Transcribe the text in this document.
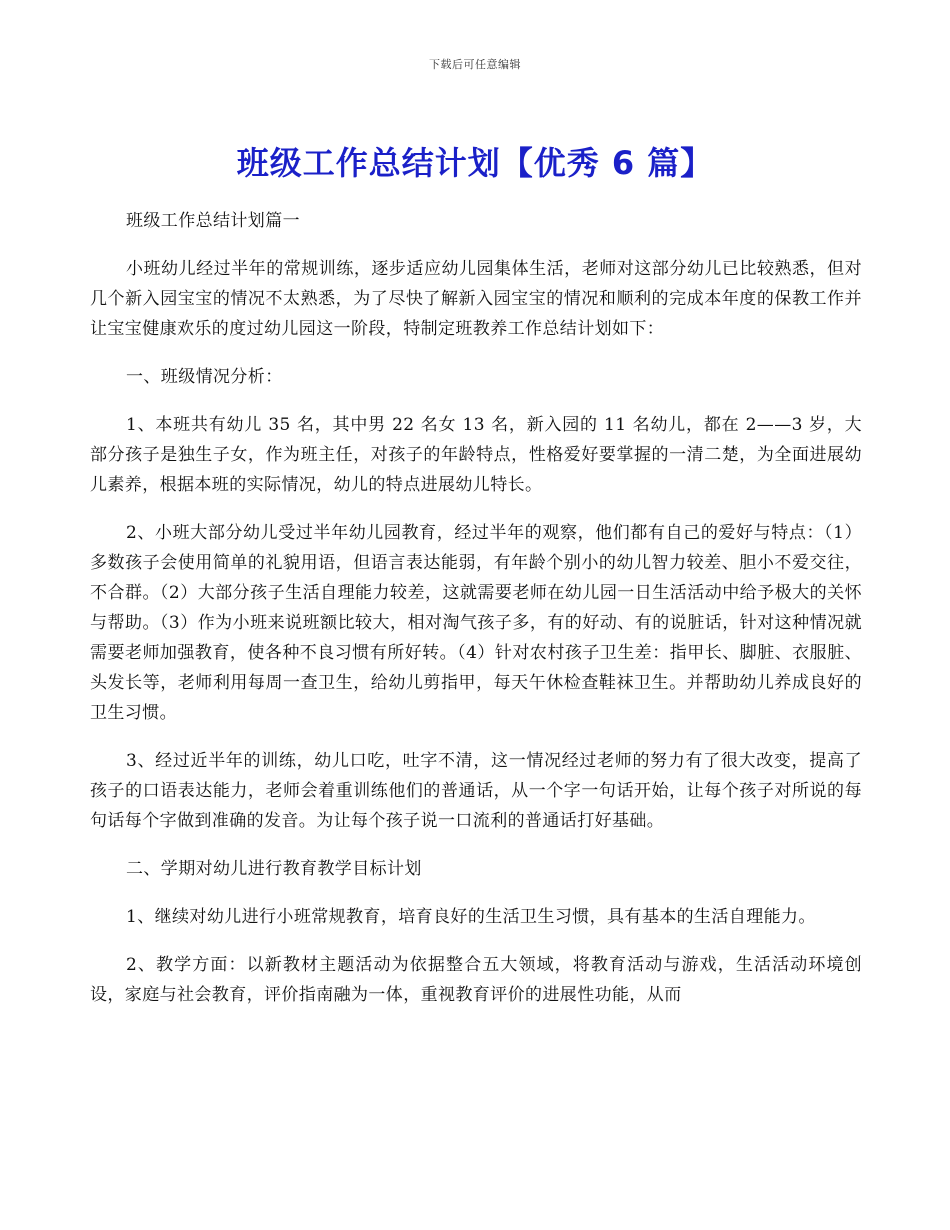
下载后可任意编辑
班级工作总结计划【优秀 6 篇】

班级工作总结计划篇一

小班幼儿经过半年的常规训练，逐步适应幼儿园集体生活，老师对这部分幼儿已比较熟悉，但对几个新入园宝宝的情况不太熟悉，为了尽快了解新入园宝宝的情况和顺利的完成本年度的保教工作并让宝宝健康欢乐的度过幼儿园这一阶段，特制定班教养工作总结计划如下：

一、班级情况分析：

1、本班共有幼儿 35 名，其中男 22 名女 13 名，新入园的 11 名幼儿，都在 2——3 岁，大部分孩子是独生子女，作为班主任，对孩子的年龄特点，性格爱好要掌握的一清二楚，为全面进展幼儿素养，根据本班的实际情况，幼儿的特点进展幼儿特长。

2、小班大部分幼儿受过半年幼儿园教育，经过半年的观察，他们都有自己的爱好与特点：（1）多数孩子会使用简单的礼貌用语，但语言表达能弱，有年龄个别小的幼儿智力较差、胆小不爱交往，不合群。（2）大部分孩子生活自理能力较差，这就需要老师在幼儿园一日生活活动中给予极大的关怀与帮助。（3）作为小班来说班额比较大，相对淘气孩子多，有的好动、有的说脏话，针对这种情况就需要老师加强教育，使各种不良习惯有所好转。（4）针对农村孩子卫生差：指甲长、脚脏、衣服脏、头发长等，老师利用每周一查卫生，给幼儿剪指甲，每天午休检查鞋袜卫生。并帮助幼儿养成良好的卫生习惯。

3、经过近半年的训练，幼儿口吃，吐字不清，这一情况经过老师的努力有了很大改变，提高了孩子的口语表达能力，老师会着重训练他们的普通话，从一个字一句话开始，让每个孩子对所说的每句话每个字做到准确的发音。为让每个孩子说一口流利的普通话打好基础。

二、学期对幼儿进行教育教学目标计划

1、继续对幼儿进行小班常规教育，培育良好的生活卫生习惯，具有基本的生活自理能力。

2、教学方面：以新教材主题活动为依据整合五大领域，将教育活动与游戏，生活活动环境创设，家庭与社会教育，评价指南融为一体，重视教育评价的进展性功能，从而
